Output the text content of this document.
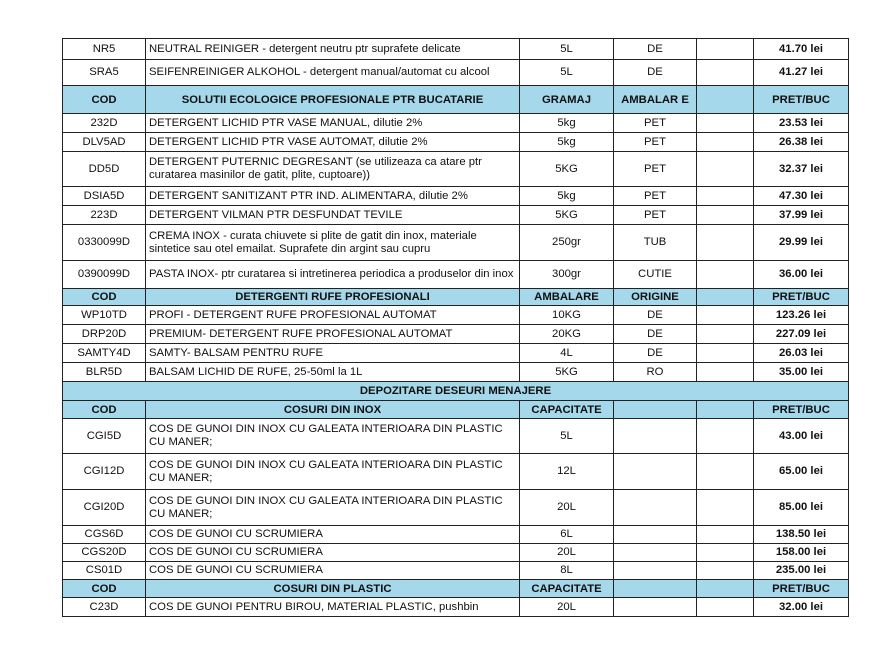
NR5	NEUTRAL REINIGER - detergent neutru ptr suprafete delicate	5L	DE		41.70 lei
SRA5	SEIFENREINIGER ALKOHOL - detergent manual/automat cu alcool	5L	DE		41.27 lei
COD	SOLUTII ECOLOGICE PROFESIONALE PTR BUCATARIE	GRAMAJ	AMBALAR E		PRET/BUC
232D	DETERGENT LICHID PTR VASE MANUAL, dilutie 2%	5kg	PET		23.53 lei
DLV5AD	DETERGENT LICHID PTR VASE AUTOMAT, dilutie 2%	5kg	PET		26.38 lei
DD5D	DETERGENT PUTERNIC DEGRESANT (se utilizeaza ca atare ptr curatarea masinilor de gatit, plite, cuptoare))	5KG	PET		32.37 lei
DSIA5D	DETERGENT SANITIZANT PTR IND. ALIMENTARA, dilutie 2%	5kg	PET		47.30 lei
223D	DETERGENT VILMAN PTR DESFUNDAT TEVILE	5KG	PET		37.99 lei
0330099D	CREMA INOX - curata chiuvete si plite de gatit din inox, materiale sintetice sau otel emailat. Suprafete din argint sau cupru	250gr	TUB		29.99 lei
0390099D	PASTA INOX- ptr curatarea si intretinerea periodica a produselor din inox	300gr	CUTIE		36.00 lei
COD	DETERGENTI RUFE PROFESIONALI	AMBALARE	ORIGINE		PRET/BUC
WP10TD	PROFI - DETERGENT RUFE PROFESIONAL AUTOMAT	10KG	DE		123.26 lei
DRP20D	PREMIUM- DETERGENT RUFE PROFESIONAL AUTOMAT	20KG	DE		227.09 lei
SAMTY4D	SAMTY- BALSAM PENTRU RUFE	4L	DE		26.03 lei
BLR5D	BALSAM LICHID DE RUFE, 25-50ml la 1L	5KG	RO		35.00 lei
DEPOZITARE DESEURI MENAJERE					
COD	COSURI DIN INOX	CAPACITATE			PRET/BUC
CGI5D	COS DE GUNOI DIN INOX CU GALEATA INTERIOARA DIN PLASTIC CU MANER;	5L			43.00 lei
CGI12D	COS DE GUNOI DIN INOX CU GALEATA INTERIOARA DIN PLASTIC CU MANER;	12L			65.00 lei
CGI20D	COS DE GUNOI DIN INOX CU GALEATA INTERIOARA DIN PLASTIC CU MANER;	20L			85.00 lei
CGS6D	COS DE GUNOI CU SCRUMIERA	6L			138.50 lei
CGS20D	COS DE GUNOI CU SCRUMIERA	20L			158.00 lei
CS01D	COS DE GUNOI CU SCRUMIERA	8L			235.00 lei
COD	COSURI DIN PLASTIC	CAPACITATE			PRET/BUC
C23D	COS DE GUNOI PENTRU BIROU, MATERIAL PLASTIC, pushbin	20L			32.00 lei
